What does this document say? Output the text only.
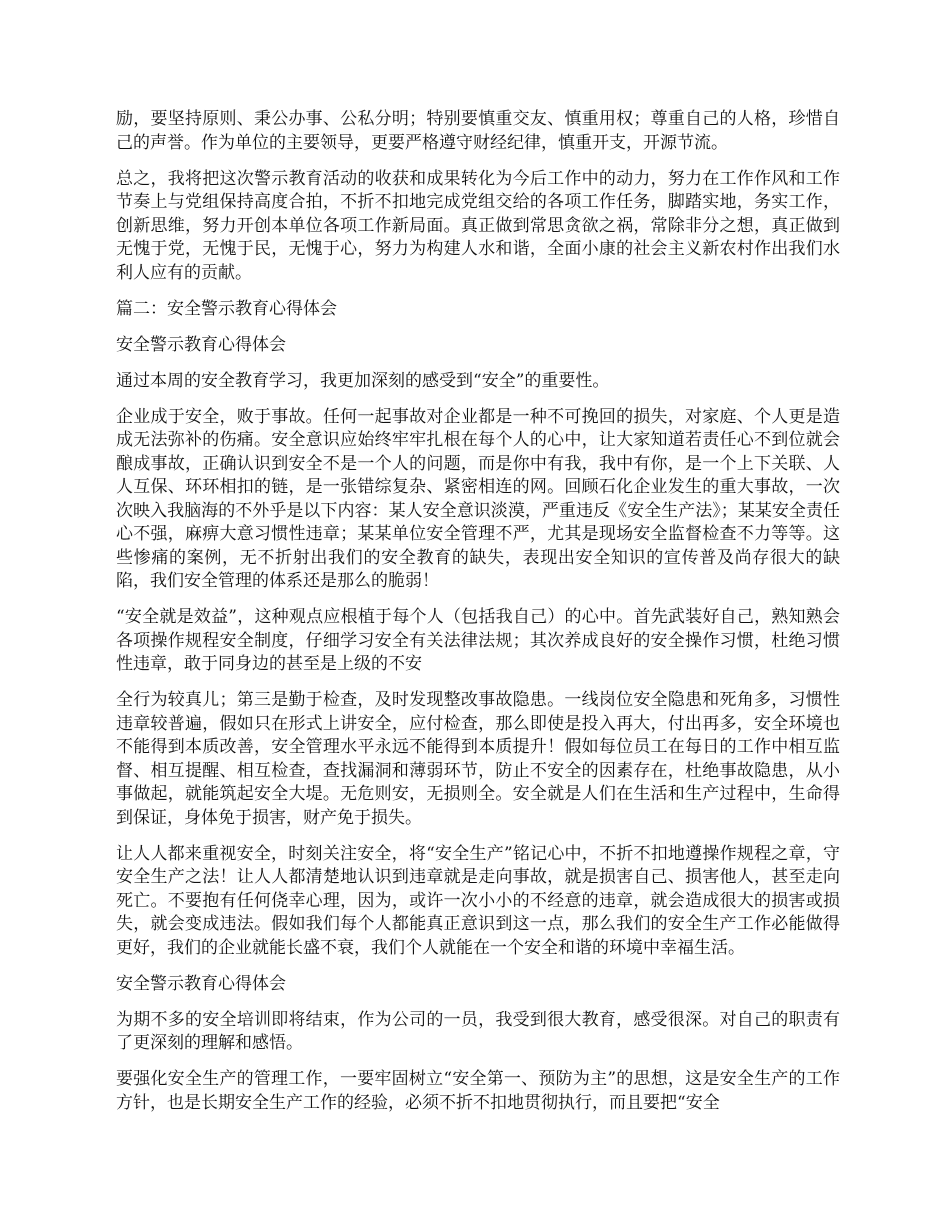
励，要坚持原则、秉公办事、公私分明；特别要慎重交友、慎重用权；尊重自己的人格，珍惜自己的声誉。作为单位的主要领导，更要严格遵守财经纪律，慎重开支，开源节流。

总之，我将把这次警示教育活动的收获和成果转化为今后工作中的动力，努力在工作作风和工作节奏上与党组保持高度合拍，不折不扣地完成党组交给的各项工作任务，脚踏实地，务实工作，创新思维，努力开创本单位各项工作新局面。真正做到常思贪欲之祸，常除非分之想，真正做到无愧于党，无愧于民，无愧于心，努力为构建人水和谐，全面小康的社会主义新农村作出我们水利人应有的贡献。

篇二：安全警示教育心得体会

安全警示教育心得体会

通过本周的安全教育学习，我更加深刻的感受到“安全”的重要性。

企业成于安全，败于事故。任何一起事故对企业都是一种不可挽回的损失，对家庭、个人更是造成无法弥补的伤痛。安全意识应始终牢牢扎根在每个人的心中，让大家知道若责任心不到位就会酿成事故，正确认识到安全不是一个人的问题，而是你中有我，我中有你，是一个上下关联、人人互保、环环相扣的链，是一张错综复杂、紧密相连的网。回顾石化企业发生的重大事故，一次次映入我脑海的不外乎是以下内容：某人安全意识淡漠，严重违反《安全生产法》；某某安全责任心不强，麻痹大意习惯性违章；某某单位安全管理不严，尤其是现场安全监督检查不力等等。这些惨痛的案例，无不折射出我们的安全教育的缺失，表现出安全知识的宣传普及尚存很大的缺陷，我们安全管理的体系还是那么的脆弱！

“安全就是效益”，这种观点应根植于每个人（包括我自己）的心中。首先武装好自己，熟知熟会各项操作规程安全制度，仔细学习安全有关法律法规；其次养成良好的安全操作习惯，杜绝习惯性违章，敢于同身边的甚至是上级的不安

全行为较真儿；第三是勤于检查，及时发现整改事故隐患。一线岗位安全隐患和死角多，习惯性违章较普遍，假如只在形式上讲安全，应付检查，那么即使是投入再大，付出再多，安全环境也不能得到本质改善，安全管理水平永远不能得到本质提升！假如每位员工在每日的工作中相互监督、相互提醒、相互检查，查找漏洞和薄弱环节，防止不安全的因素存在，杜绝事故隐患，从小事做起，就能筑起安全大堤。无危则安，无损则全。安全就是人们在生活和生产过程中，生命得到保证，身体免于损害，财产免于损失。

让人人都来重视安全，时刻关注安全，将“安全生产”铭记心中，不折不扣地遵操作规程之章，守安全生产之法！让人人都清楚地认识到违章就是走向事故，就是损害自己、损害他人，甚至走向死亡。不要抱有任何侥幸心理，因为，或许一次小小的不经意的违章，就会造成很大的损害或损失，就会变成违法。假如我们每个人都能真正意识到这一点，那么我们的安全生产工作必能做得更好，我们的企业就能长盛不衰，我们个人就能在一个安全和谐的环境中幸福生活。

安全警示教育心得体会

为期不多的安全培训即将结束，作为公司的一员，我受到很大教育，感受很深。对自己的职责有了更深刻的理解和感悟。

要强化安全生产的管理工作，一要牢固树立“安全第一、预防为主”的思想，这是安全生产的工作方针，也是长期安全生产工作的经验，必须不折不扣地贯彻执行，而且要把“安全
